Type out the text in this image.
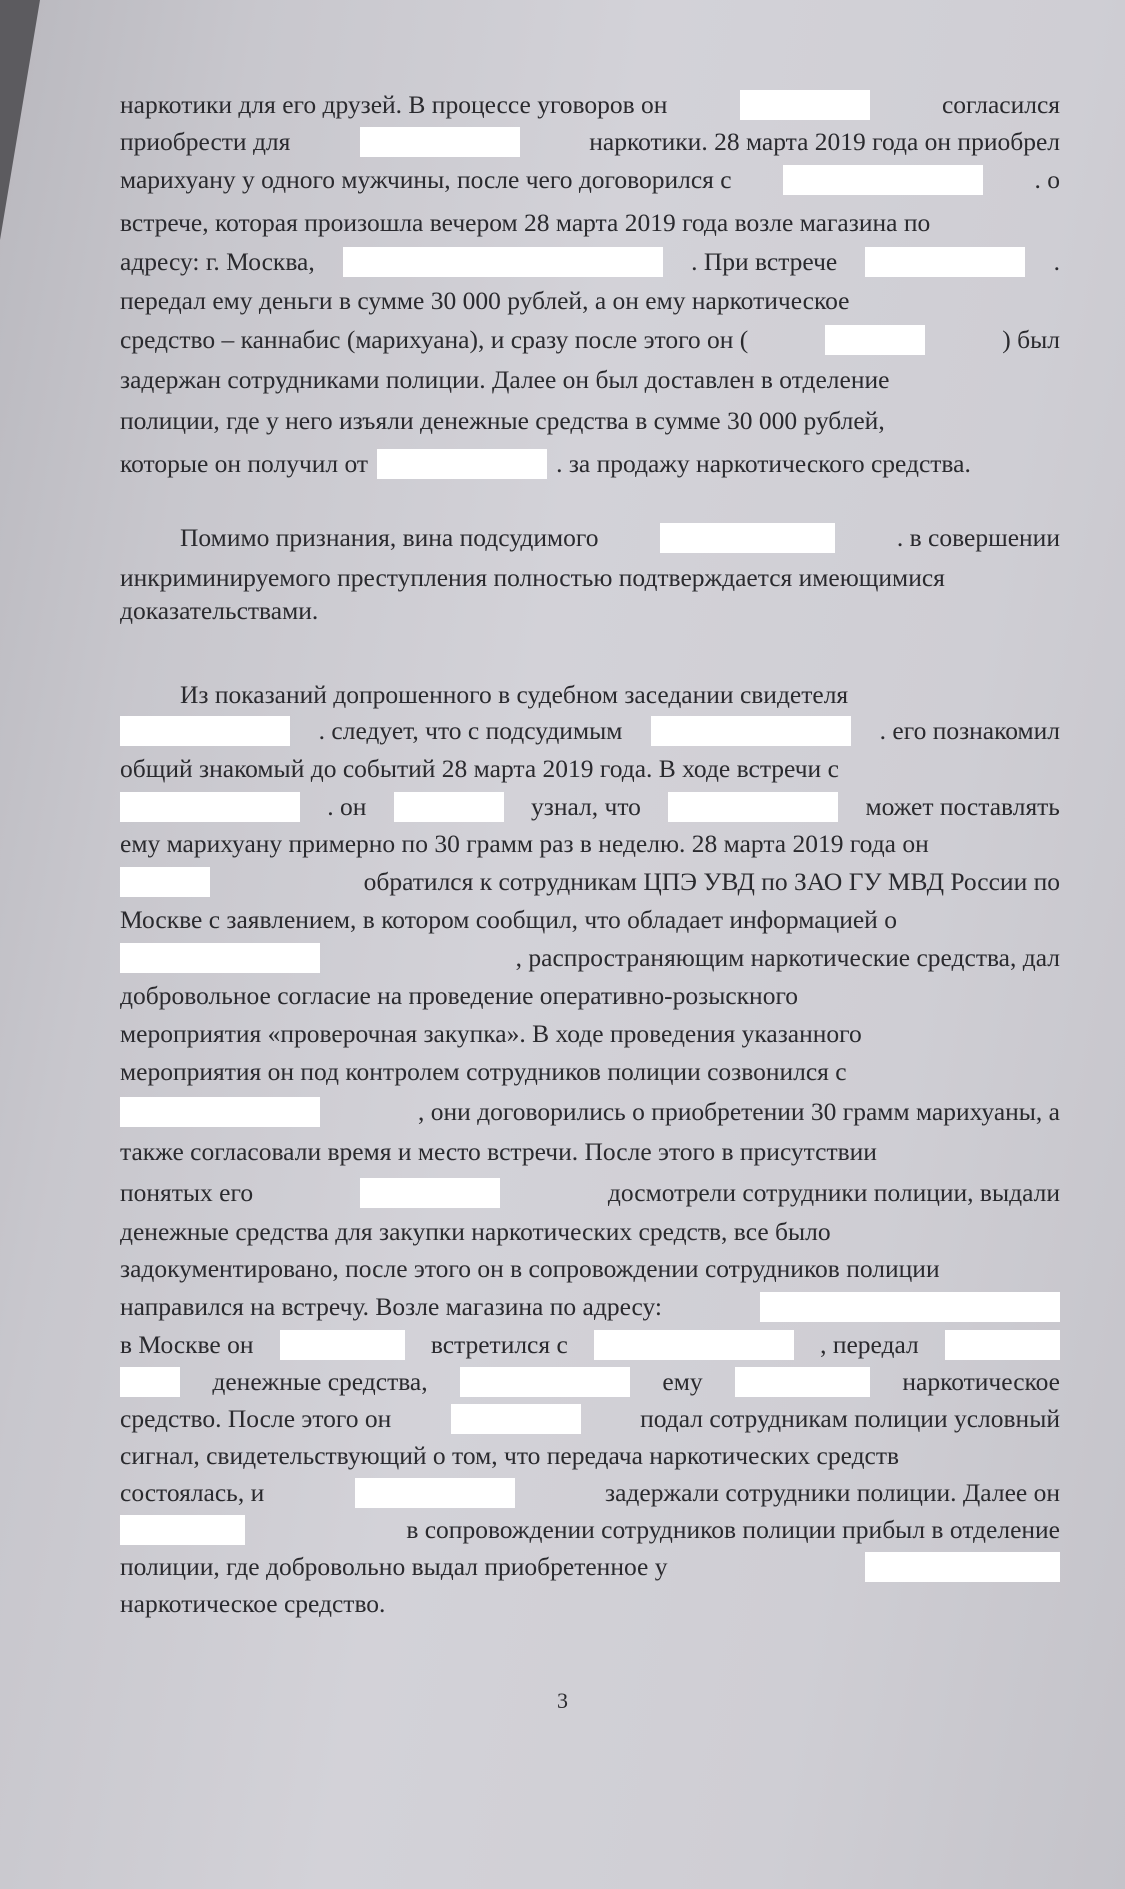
наркотики для его друзей. В процессе уговоров он	согласился
приобрести для	наркотики. 28 марта 2019 года он приобрел
марихуану у одного мужчины, после чего договорился с	. о
встрече, которая произошла вечером 28 марта 2019 года возле магазина по
адресу: г. Москва,	. При встрече	.
передал ему деньги в сумме 30 000 рублей, а он ему наркотическое
средство – каннабис (марихуана), и сразу после этого он (	) был
задержан сотрудниками полиции. Далее он был доставлен в отделение
полиции, где у него изъяли денежные средства в сумме 30 000 рублей,
которые он получил от	. за продажу наркотического средства.
Помимо признания, вина подсудимого	. в совершении
инкриминируемого преступления полностью подтверждается имеющимися
доказательствами.
Из показаний допрошенного в судебном заседании свидетеля
. следует, что с подсудимым	. его познакомил
общий знакомый до событий 28 марта 2019 года. В ходе встречи с
. он	узнал, что	может поставлять
ему марихуану примерно по 30 грамм раз в неделю. 28 марта 2019 года он
обратился к сотрудникам ЦПЭ УВД по ЗАО ГУ МВД России по
Москве с заявлением, в котором сообщил, что обладает информацией о
, распространяющим наркотические средства, дал
добровольное согласие на проведение оперативно-розыскного
мероприятия «проверочная закупка». В ходе проведения указанного
мероприятия он под контролем сотрудников полиции созвонился с
, они договорились о приобретении 30 грамм марихуаны, а
также согласовали время и место встречи. После этого в присутствии
понятых его	досмотрели сотрудники полиции, выдали
денежные средства для закупки наркотических средств, все было
задокументировано, после этого он в сопровождении сотрудников полиции
направился на встречу. Возле магазина по адресу:
в Москве он	встретился с	, передал
денежные средства,	ему	наркотическое
средство. После этого он	подал сотрудникам полиции условный
сигнал, свидетельствующий о том, что передача наркотических средств
состоялась, и	задержали сотрудники полиции. Далее он
в сопровождении сотрудников полиции прибыл в отделение
полиции, где добровольно выдал приобретенное у
наркотическое средство.
3
